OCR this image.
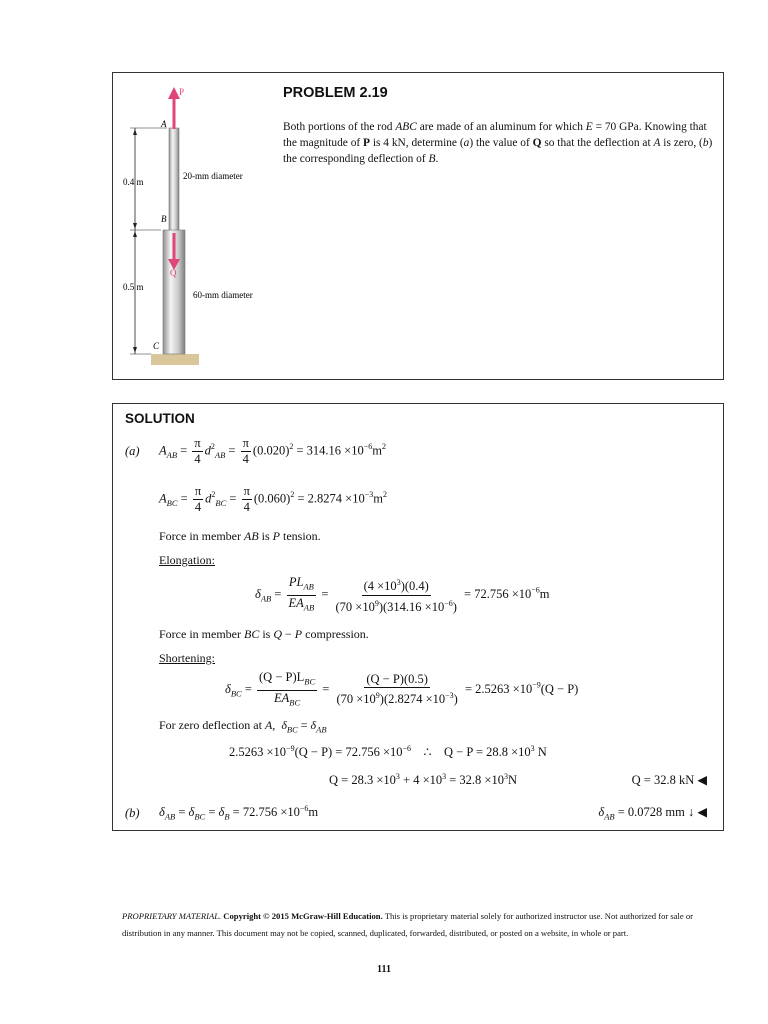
P
A
B
C
Q
0.4 m
0.5 m
20-mm diameter
60-mm diameter
PROBLEM 2.19
Both portions of the rod ABC are made of an aluminum for which E = 70 GPa. Knowing that the magnitude of P is 4 kN, determine (a) the value of Q so that the deflection at A is zero, (b) the corresponding deflection of B.
SOLUTION
(a) $A_{AB} = \frac{\pi}{4} d^2_{AB} = \frac{\pi}{4} (0.020)^2 = 314.16 \times 10^{-6}m^2$
$A_{BC} = \frac{\pi}{4} d^2_{BC} = \frac{\pi}{4} (0.060)^2 = 2.8274 \times 10^{-3}m^2$
Force in member AB is P tension.
Elongation:
$\delta_{AB} = \frac{PL_{AB}}{EA_{AB}} = \frac{(4 \times 10^3)(0.4)}{(70 \times 10^9)(314.16 \times 10^{-6})} = 72.756 \times 10^{-6}m$
Force in member BC is Q − P compression.
Shortening:
$\delta_{BC} = \frac{(Q - P)L_{BC}}{EA_{BC}} = \frac{(Q - P)(0.5)}{(70 \times 10^9)(2.8274 \times 10^{-3})} = 2.5263 \times 10^{-9}(Q - P)$
For zero deflection at A, $\delta_{BC} = \delta_{AB}$
$2.5263 \times 10^{-9}(Q - P) = 72.756 \times 10^{-6}$ ∴ $Q - P = 28.8 \times 10^3$ N
$Q = 28.3 \times 10^3 + 4 \times 10^3 = 32.8 \times 10^3N$	Q = 32.8 kN ◀
(b) $\delta_{AB} = \delta_{BC} = \delta_B = 72.756 \times 10^{-6}m$	$\delta_{AB} = 0.0728$ mm ↓ ◀
PROPRIETARY MATERIAL. Copyright © 2015 McGraw-Hill Education. This is proprietary material solely for authorized instructor use. Not authorized for sale or distribution in any manner. This document may not be copied, scanned, duplicated, forwarded, distributed, or posted on a website, in whole or part.
111
